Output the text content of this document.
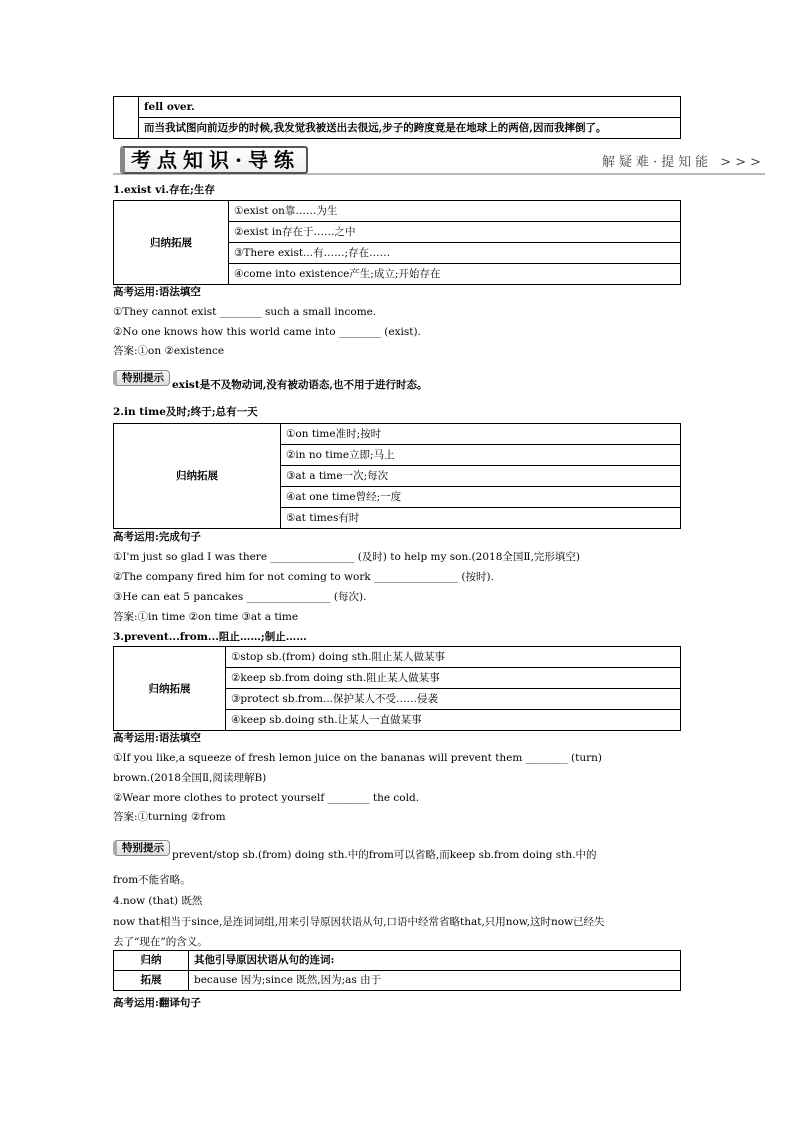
	fell over.
而当我试图向前迈步的时候,我发觉我被送出去很远,步子的跨度竟是在地球上的两倍,因而我摔倒了。
考点知识·导练	解疑难·提知能 >>>
1.exist vi.存在;生存
归纳拓展	①exist on靠……为生
②exist in存在于……之中
③There exist...有……;存在……
④come into existence产生;成立;开始存在
高考运用:语法填空
①They cannot exist ________ such a small income.
②No one knows how this world came into ________ (exist).
答案:①on ②existence
特别提示exist是不及物动词,没有被动语态,也不用于进行时态。
2.in time及时;终于;总有一天
归纳拓展	①on time准时;按时
②in no time立即;马上
③at a time一次;每次
④at one time曾经;一度
⑤at times有时
高考运用:完成句子
①I'm just so glad I was there ________________ (及时) to help my son.(2018全国Ⅱ,完形填空)
②The company fired him for not coming to work ________________ (按时).
③He can eat 5 pancakes ________________ (每次).
答案:①in time ②on time ③at a time
3.prevent...from...阻止……;制止……
归纳拓展	①stop sb.(from) doing sth.阻止某人做某事
②keep sb.from doing sth.阻止某人做某事
③protect sb.from...保护某人不受……侵袭
④keep sb.doing sth.让某人一直做某事
高考运用:语法填空
①If you like,a squeeze of fresh lemon juice on the bananas will prevent them ________ (turn)
brown.(2018全国Ⅱ,阅读理解B)
②Wear more clothes to protect yourself ________ the cold.
答案:①turning ②from
特别提示prevent/stop sb.(from) doing sth.中的from可以省略,而keep sb.from doing sth.中的
from不能省略。
4.now (that) 既然
now that相当于since,是连词词组,用来引导原因状语从句,口语中经常省略that,只用now,这时now已经失
去了“现在”的含义。
归纳	其他引导原因状语从句的连词:
拓展	because 因为;since 既然,因为;as 由于
高考运用:翻译句子
